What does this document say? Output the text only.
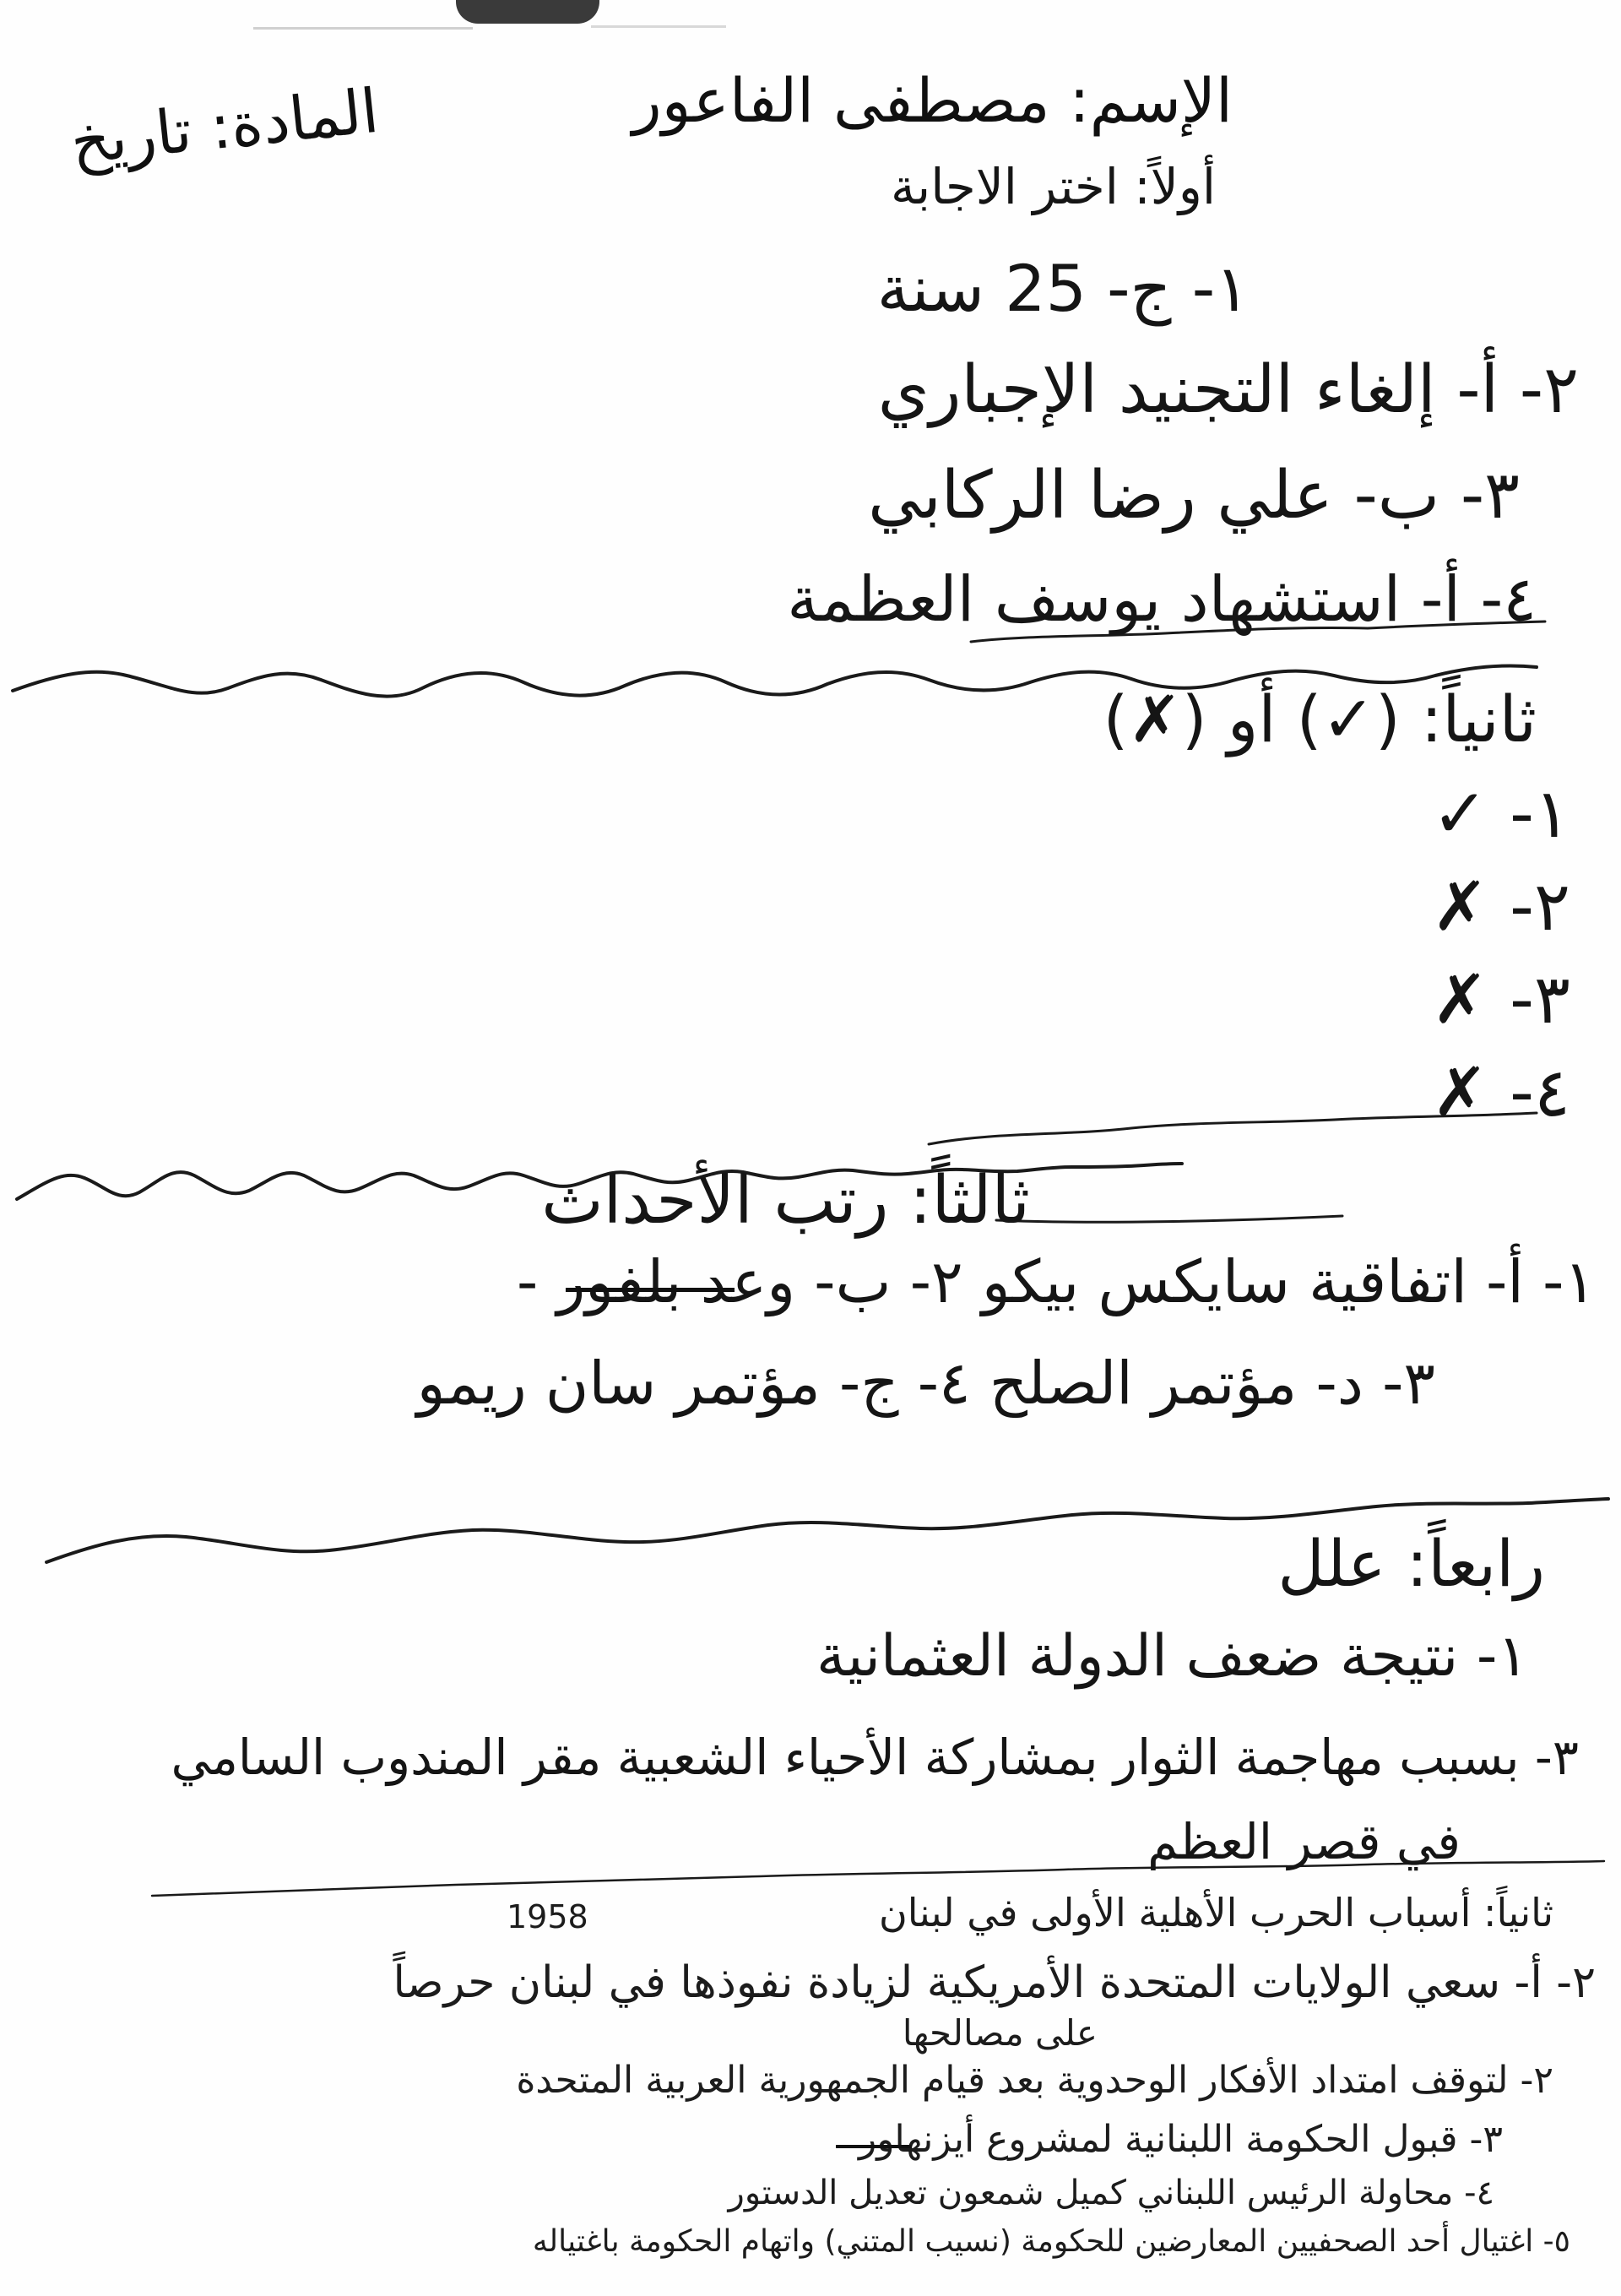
الإسم: مصطفى الفاعور
المادة: تاريخ
أولاً: اختر الاجابة
١- ج- 25 سنة
٢- أ- إلغاء التجنيد الإجباري
٣- ب- علي رضا الركابي
٤- أ- استشهاد يوسف العظمة
ثانياً: (✓) أو (✗)
١- ✓
٢- ✗
٣- ✗
٤- ✗
ثالثاً: رتب الأحداث
١- أ- اتفاقية سايكس بيكو ٢- ب- وعد بلفور -
٣- د- مؤتمر الصلح ٤- ج- مؤتمر سان ريمو
رابعاً: علل
١- نتيجة ضعف الدولة العثمانية
٣- بسبب مهاجمة الثوار بمشاركة الأحياء الشعبية مقر المندوب السامي
في قصر العظم
ثانياً: أسباب الحرب الأهلية الأولى في لبنان
1958
٢- أ- سعي الولايات المتحدة الأمريكية لزيادة نفوذها في لبنان حرصاً
على مصالحها
٢- لتوقف امتداد الأفكار الوحدوية بعد قيام الجمهورية العربية المتحدة
٣- قبول الحكومة اللبنانية لمشروع أيزنهاور
٤- محاولة الرئيس اللبناني كميل شمعون تعديل الدستور
٥- اغتيال أحد الصحفيين المعارضين للحكومة (نسيب المتني) واتهام الحكومة باغتياله
